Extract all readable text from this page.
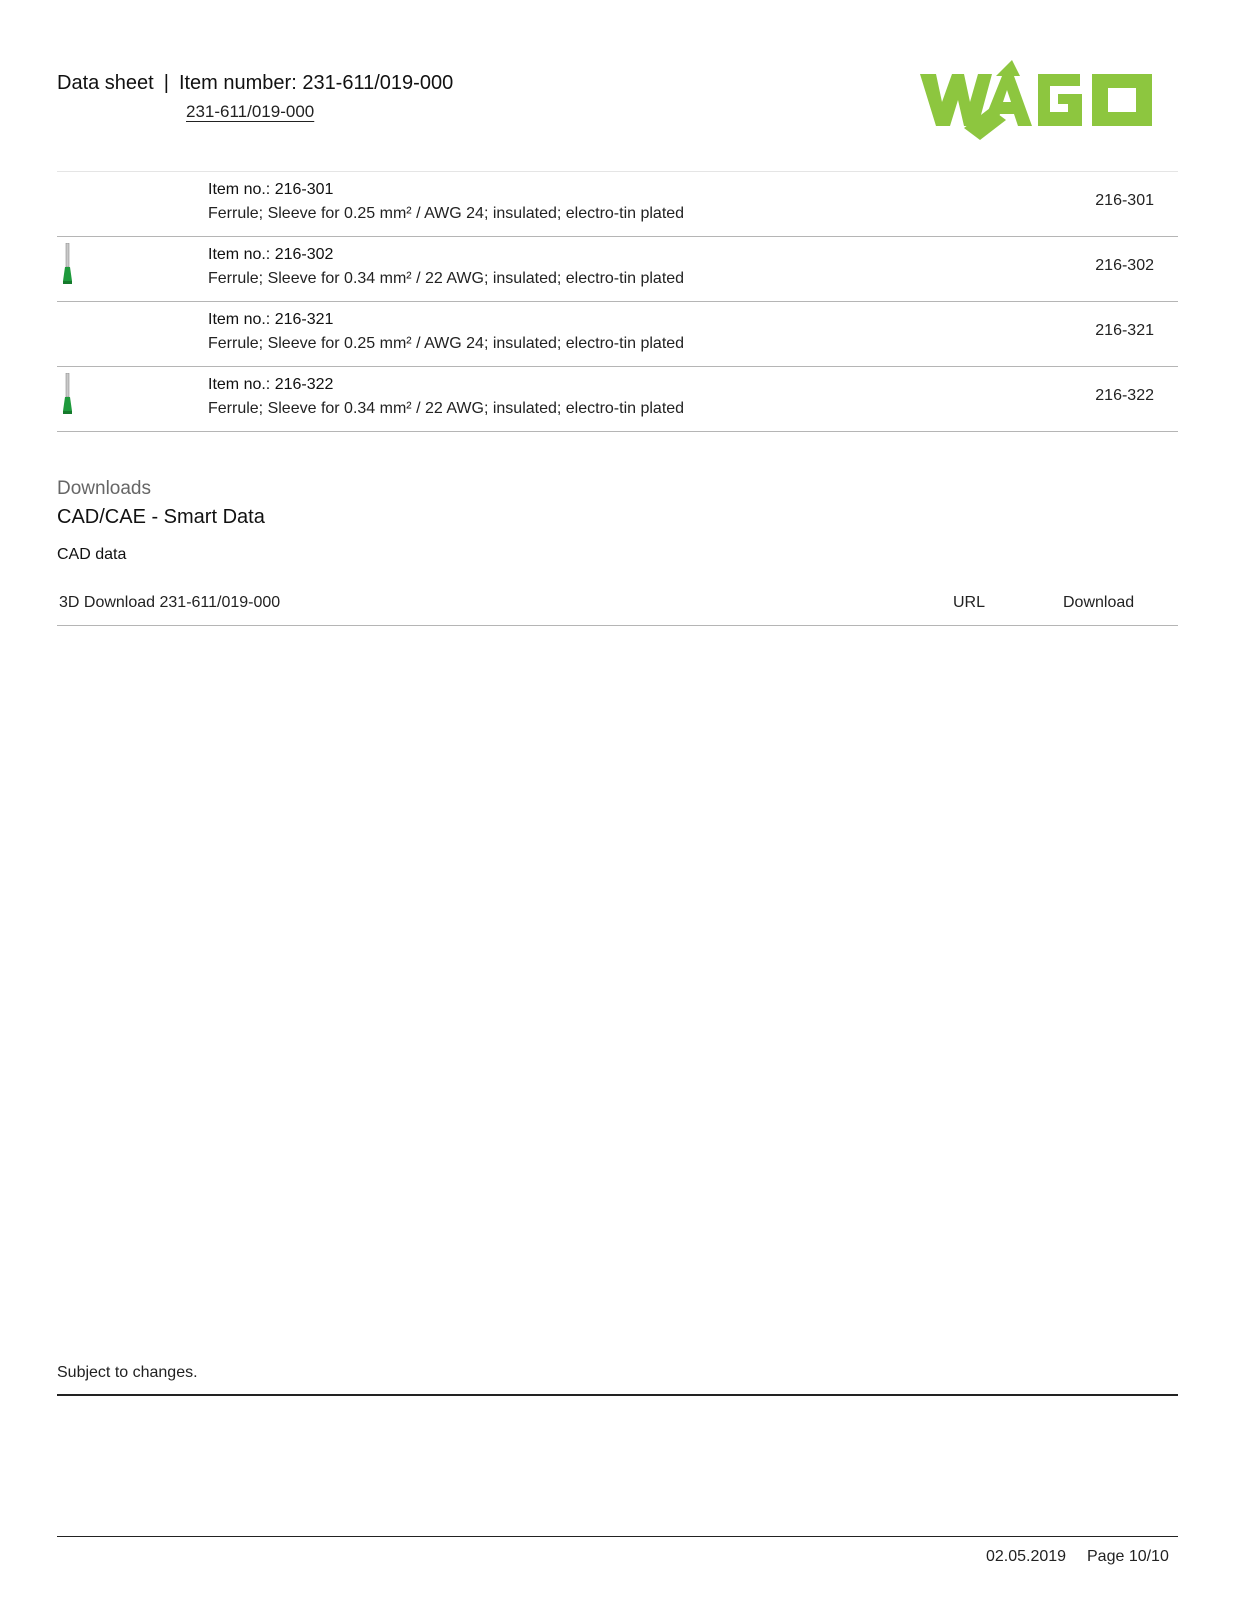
Data sheet | Item number: 231-611/019-000
231-611/019-000
Item no.: 216-301
Ferrule; Sleeve for 0.25 mm² / AWG 24; insulated; electro-tin plated
216-301
Item no.: 216-302
Ferrule; Sleeve for 0.34 mm² / 22 AWG; insulated; electro-tin plated
216-302
Item no.: 216-321
Ferrule; Sleeve for 0.25 mm² / AWG 24; insulated; electro-tin plated
216-321
Item no.: 216-322
Ferrule; Sleeve for 0.34 mm² / 22 AWG; insulated; electro-tin plated
216-322
Downloads
CAD/CAE - Smart Data
CAD data
3D Download 231-611/019-000	URL	Download
Subject to changes.
02.05.2019 Page 10/10
